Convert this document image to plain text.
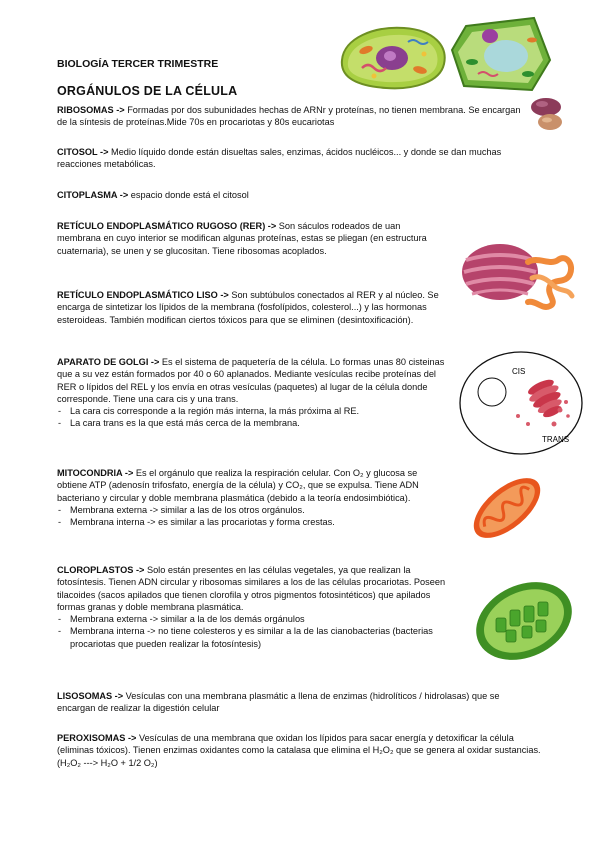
BIOLOGÍA TERCER TRIMESTRE
ORGÁNULOS DE LA CÉLULA
RIBOSOMAS -> Formadas por dos subunidades hechas de ARNr y proteínas, no tienen membrana. Se encargan de la síntesis de proteínas.Mide 70s en procariotas y 80s eucariotas
CITOSOL -> Medio líquido donde están disueltas sales, enzimas, ácidos nucléicos... y donde se dan muchas reacciones metabólicas.
CITOPLASMA -> espacio donde está el citosol
RETÍCULO ENDOPLASMÁTICO RUGOSO (RER) -> Son sáculos rodeados de uan membrana en cuyo interior se modifican algunas proteínas, estas se pliegan (en estructura cuaternaria), se unen y se glucositan. Tiene ribosomas acoplados.
RETÍCULO ENDOPLASMÁTICO LISO -> Son subtúbulos conectados al RER y al núcleo. Se encarga de sintetizar los lípidos de la membrana (fosfolípidos, colesterol...) y las hormonas esteroideas. También modifican ciertos tóxicos para que se eliminen (desintoxificación).
APARATO DE GOLGI -> Es el sistema de paquetería de la célula. Lo formas unas 80 cisteinas que a su vez están formados por 40 o 60 aplanados. Mediante vesículas recibe proteínas del RER o lípidos del REL y los envía en otras vesículas (paquetes) al lugar de la célula donde corresponde. Tiene una cara cis y una trans.
- La cara cis corresponde a la región más interna, la más próxima al RE.
- La cara trans es la que está más cerca de la membrana.
MITOCONDRIA -> Es el orgánulo que realiza la respiración celular. Con O₂ y glucosa se obtiene ATP (adenosín trifosfato, energía de la célula) y CO₂, que se expulsa. Tiene ADN bacteriano y circular y doble membrana plasmática (debido a la teoría endosimbiótica).
- Membrana externa -> similar a las de los otros orgánulos.
- Membrana interna -> es similar a las procariotas y forma crestas.
CLOROPLASTOS -> Solo están presentes en las células vegetales, ya que realizan la fotosíntesis. Tienen ADN circular y ribosomas similares a los de las células procariotas. Poseen tilacoides (sacos apilados que tienen clorofila y otros pigmentos fotosintéticos) que apilados formas granas y doble membrana plasmática.
- Membrana externa -> similar a la de los demás orgánulos
- Membrana interna -> no tiene colesteros y es similar a la de las cianobacterias (bacterias procariotas que pueden realizar la fotosíntesis)
LISOSOMAS -> Vesículas con una membrana plasmátic a llena de enzimas (hidrolíticos / hidrolasas) que se encargan de realizar la digestión celular
PEROXISOMAS -> Vesículas de una membrana que oxidan los lípidos para sacar energía y detoxificar la célula (eliminas tóxicos). Tienen enzimas oxidantes como la catalasa que elimina el H₂O₂ que se genera al oxidar sustancias. (H₂O₂ ---> H₂O + 1/2 O₂)
CIS
TRANS
